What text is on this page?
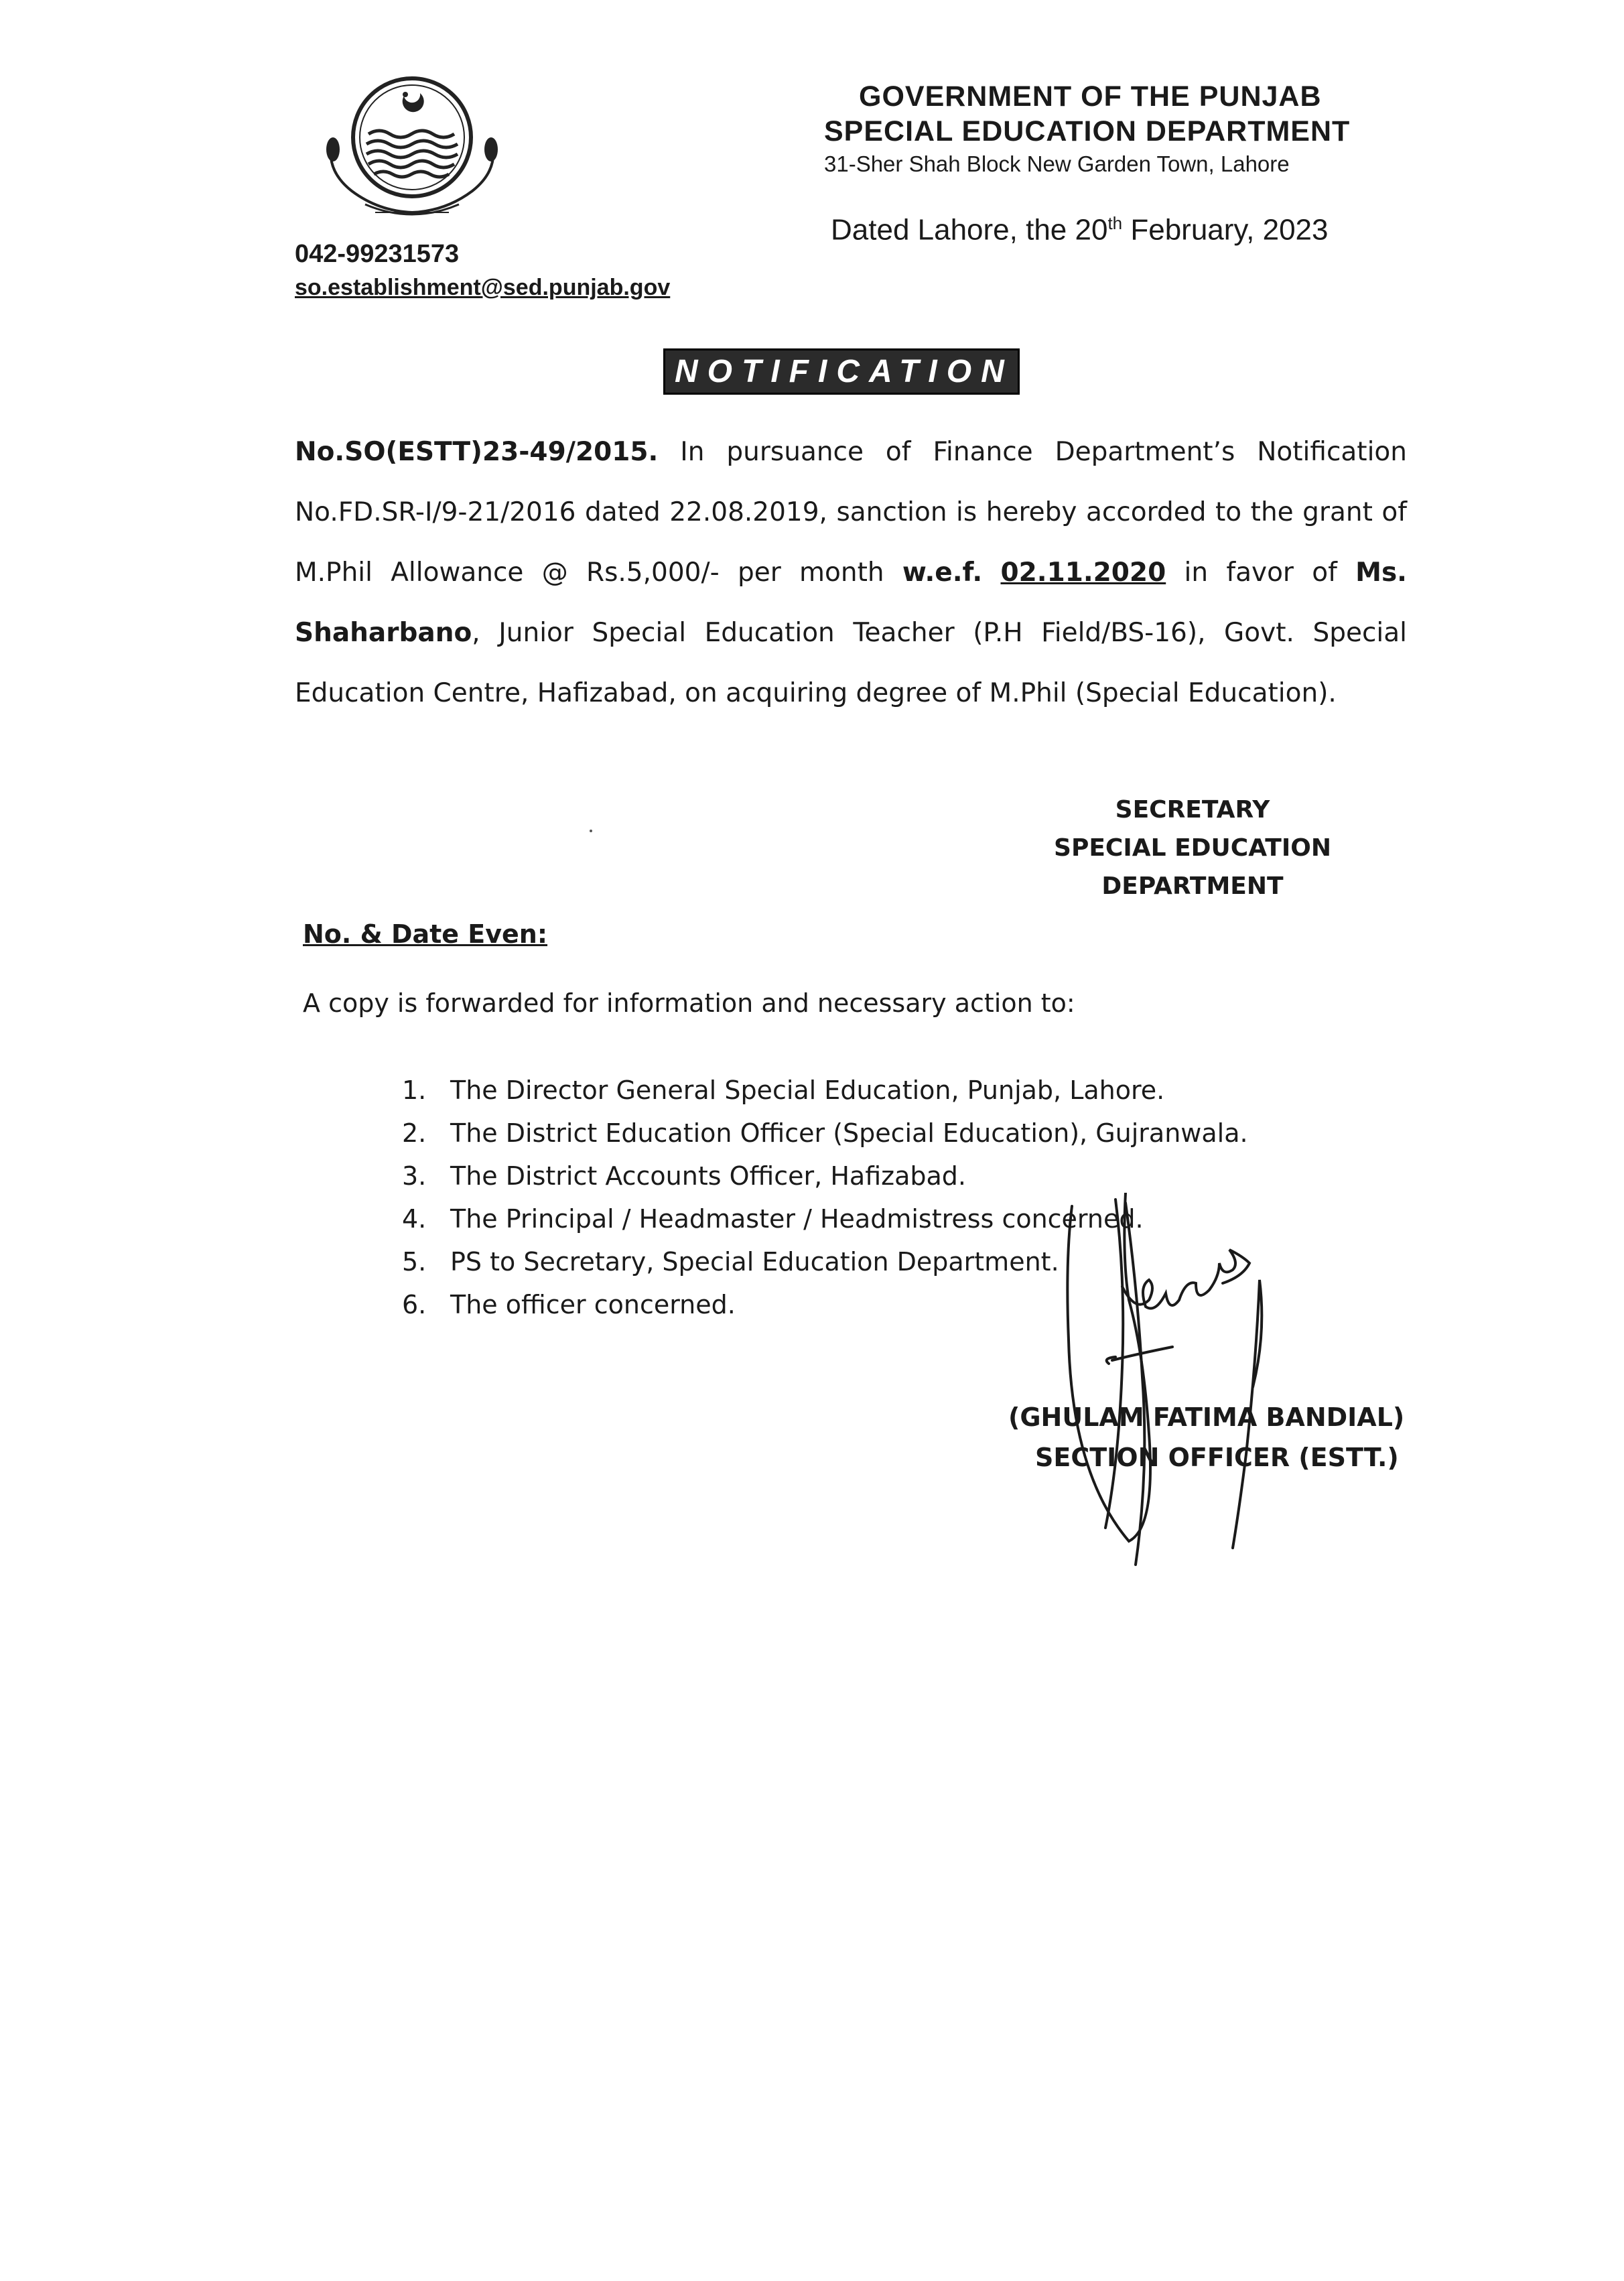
GOVERNMENT OF THE PUNJAB
SPECIAL EDUCATION DEPARTMENT
31-Sher Shah Block New Garden Town, Lahore
Dated Lahore, the 20th February, 2023
042-99231573
so.establishment@sed.punjab.gov
NOTIFICATION
No.SO(ESTT)23-49/2015. In pursuance of Finance Department’s Notification No.FD.SR-I/9-21/2016 dated 22.08.2019, sanction is hereby accorded to the grant of M.Phil Allowance @ Rs.5,000/- per month w.e.f. 02.11.2020 in favor of Ms. Shaharbano, Junior Special Education Teacher (P.H Field/BS-16), Govt. Special Education Centre, Hafizabad, on acquiring degree of M.Phil (Special Education).
SECRETARY
SPECIAL EDUCATION
DEPARTMENT
No. & Date Even:
A copy is forwarded for information and necessary action to:
1. The Director General Special Education, Punjab, Lahore.
2. The District Education Officer (Special Education), Gujranwala.
3. The District Accounts Officer, Hafizabad.
4. The Principal / Headmaster / Headmistress concerned.
5. PS to Secretary, Special Education Department.
6. The officer concerned.
(GHULAM FATIMA BANDIAL)
SECTION OFFICER (ESTT.)
